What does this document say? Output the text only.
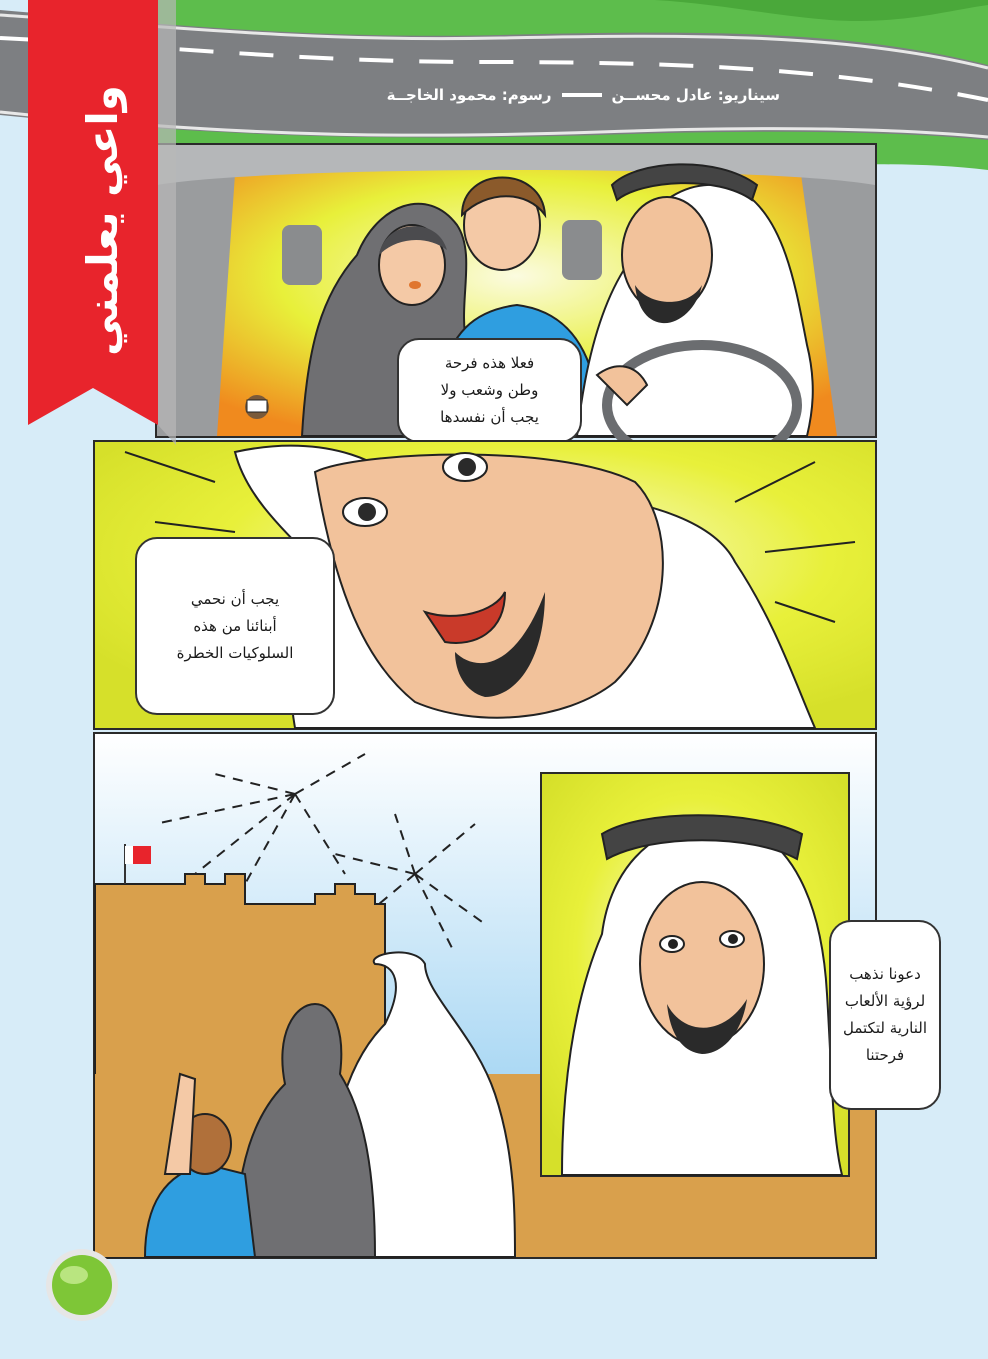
سيناريو: عادل محســن
رسوم: محمود الخاجــة
فعلا هذه فرحة
وطن وشعب ولا
يجب أن نفسدها
يجب أن نحمي
أبنائنا من هذه
السلوكيات الخطرة
دعونا نذهب
لرؤية الألعاب
النارية لتكتمل
فرحتنا
واعي يعلمني
